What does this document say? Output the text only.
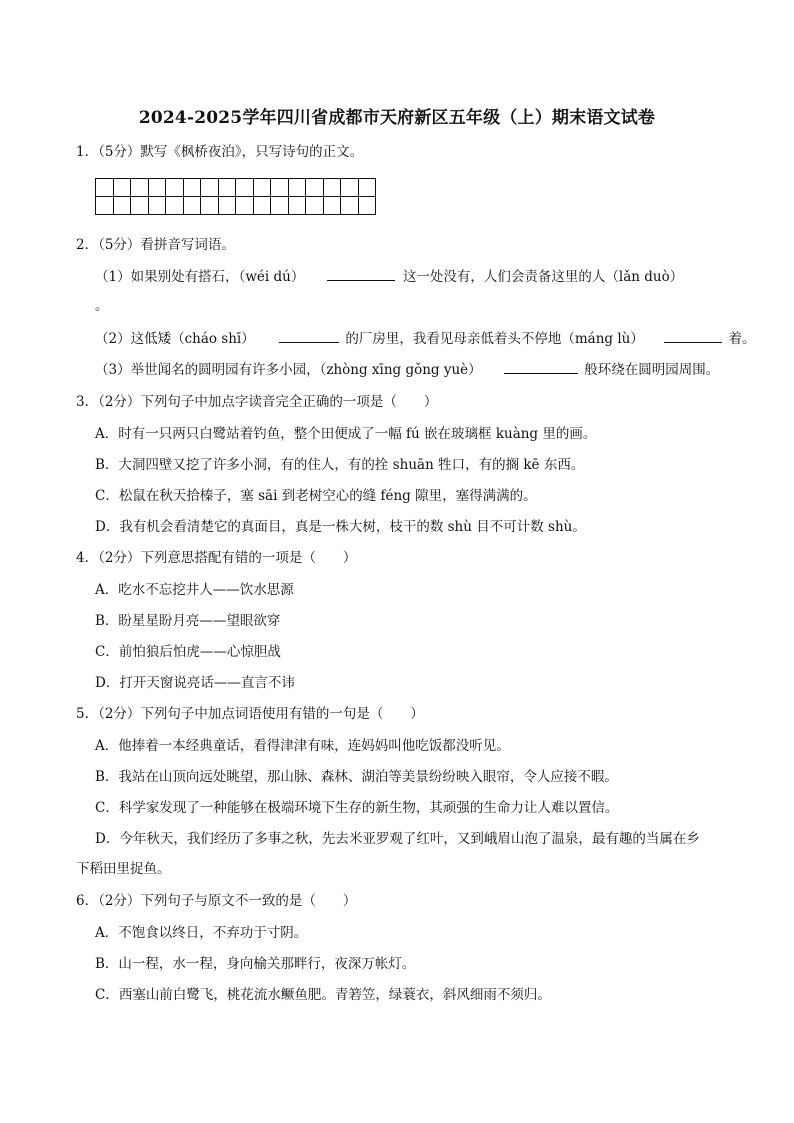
2024-2025学年四川省成都市天府新区五年级（上）期末语文试卷
1．（5分）默写《枫桥夜泊》，只写诗句的正文。

2．（5分）看拼音写词语。
（1）如果别处有搭石，（wéi dú）	这一处没有，人们会责备这里的人（lǎn duò）
。
（2）这低矮（cháo shī）	的厂房里，我看见母亲低着头不停地（máng lù）	着。
（3）举世闻名的圆明园有许多小园，（zhòng xīng gǒng yuè）	般环绕在圆明园周围。
3．（2分）下列句子中加点字读音完全正确的一项是（　　）
A．时有一只两只白鹭站着钓鱼，整个田便成了一幅 fú 嵌在玻璃框 kuàng 里的画。
B．大洞四壁又挖了许多小洞，有的住人，有的拴 shuān 牲口，有的搁 kē 东西。
C．松鼠在秋天拾榛子，塞 sāi 到老树空心的缝 féng 隙里，塞得满满的。
D．我有机会看清楚它的真面目，真是一株大树，枝干的数 shù 目不可计数 shù。
4．（2分）下列意思搭配有错的一项是（　　）
A．吃水不忘挖井人——饮水思源
B．盼星星盼月亮——望眼欲穿
C．前怕狼后怕虎——心惊胆战
D．打开天窗说亮话——直言不讳
5．（2分）下列句子中加点词语使用有错的一句是（　　）
A．他捧着一本经典童话，看得津津有味，连妈妈叫他吃饭都没听见。
B．我站在山顶向远处眺望，那山脉、森林、湖泊等美景纷纷映入眼帘，令人应接不暇。
C．科学家发现了一种能够在极端环境下生存的新生物，其顽强的生命力让人难以置信。
D．今年秋天，我们经历了多事之秋，先去米亚罗观了红叶，又到峨眉山泡了温泉，最有趣的当属在乡
下稻田里捉鱼。
6．（2分）下列句子与原文不一致的是（　　）
A．不饱食以终日，不弃功于寸阴。
B．山一程，水一程，身向榆关那畔行，夜深万帐灯。
C．西塞山前白鹭飞，桃花流水鳜鱼肥。青箬笠，绿蓑衣，斜风细雨不须归。
